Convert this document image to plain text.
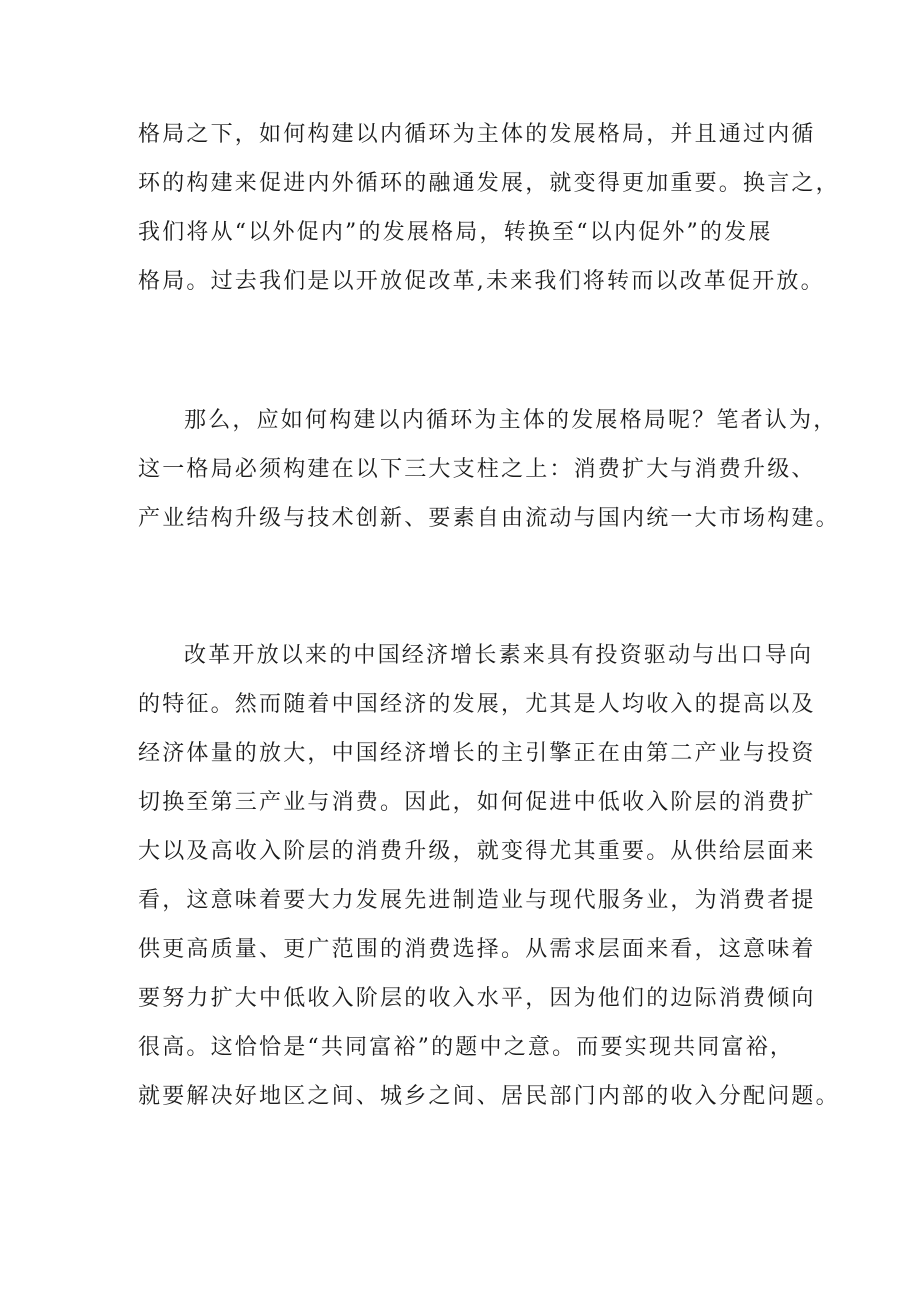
格局之下，如何构建以内循环为主体的发展格局，并且通过内循
环的构建来促进内外循环的融通发展，就变得更加重要。换言之，
我们将从“以外促内”的发展格局，转换至“以内促外”的发展
格局。过去我们是以开放促改革,未来我们将转而以改革促开放。
那么，应如何构建以内循环为主体的发展格局呢？笔者认为，
这一格局必须构建在以下三大支柱之上：消费扩大与消费升级、
产业结构升级与技术创新、要素自由流动与国内统一大市场构建。
改革开放以来的中国经济增长素来具有投资驱动与出口导向
的特征。然而随着中国经济的发展，尤其是人均收入的提高以及
经济体量的放大，中国经济增长的主引擎正在由第二产业与投资
切换至第三产业与消费。因此，如何促进中低收入阶层的消费扩
大以及高收入阶层的消费升级，就变得尤其重要。从供给层面来
看，这意味着要大力发展先进制造业与现代服务业，为消费者提
供更高质量、更广范围的消费选择。从需求层面来看，这意味着
要努力扩大中低收入阶层的收入水平，因为他们的边际消费倾向
很高。这恰恰是“共同富裕”的题中之意。而要实现共同富裕，
就要解决好地区之间、城乡之间、居民部门内部的收入分配问题。
